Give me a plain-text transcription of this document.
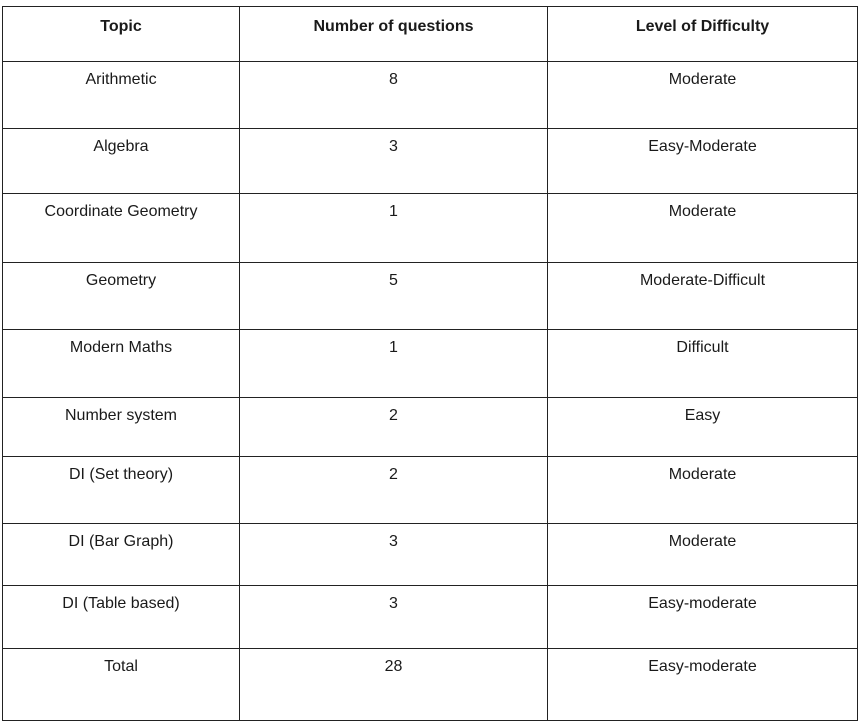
Topic	Number of questions	Level of Difficulty
Arithmetic	8	Moderate
Algebra	3	Easy-Moderate
Coordinate Geometry	1	Moderate
Geometry	5	Moderate-Difficult
Modern Maths	1	Difficult
Number system	2	Easy
DI (Set theory)	2	Moderate
DI (Bar Graph)	3	Moderate
DI (Table based)	3	Easy-moderate
Total	28	Easy-moderate
